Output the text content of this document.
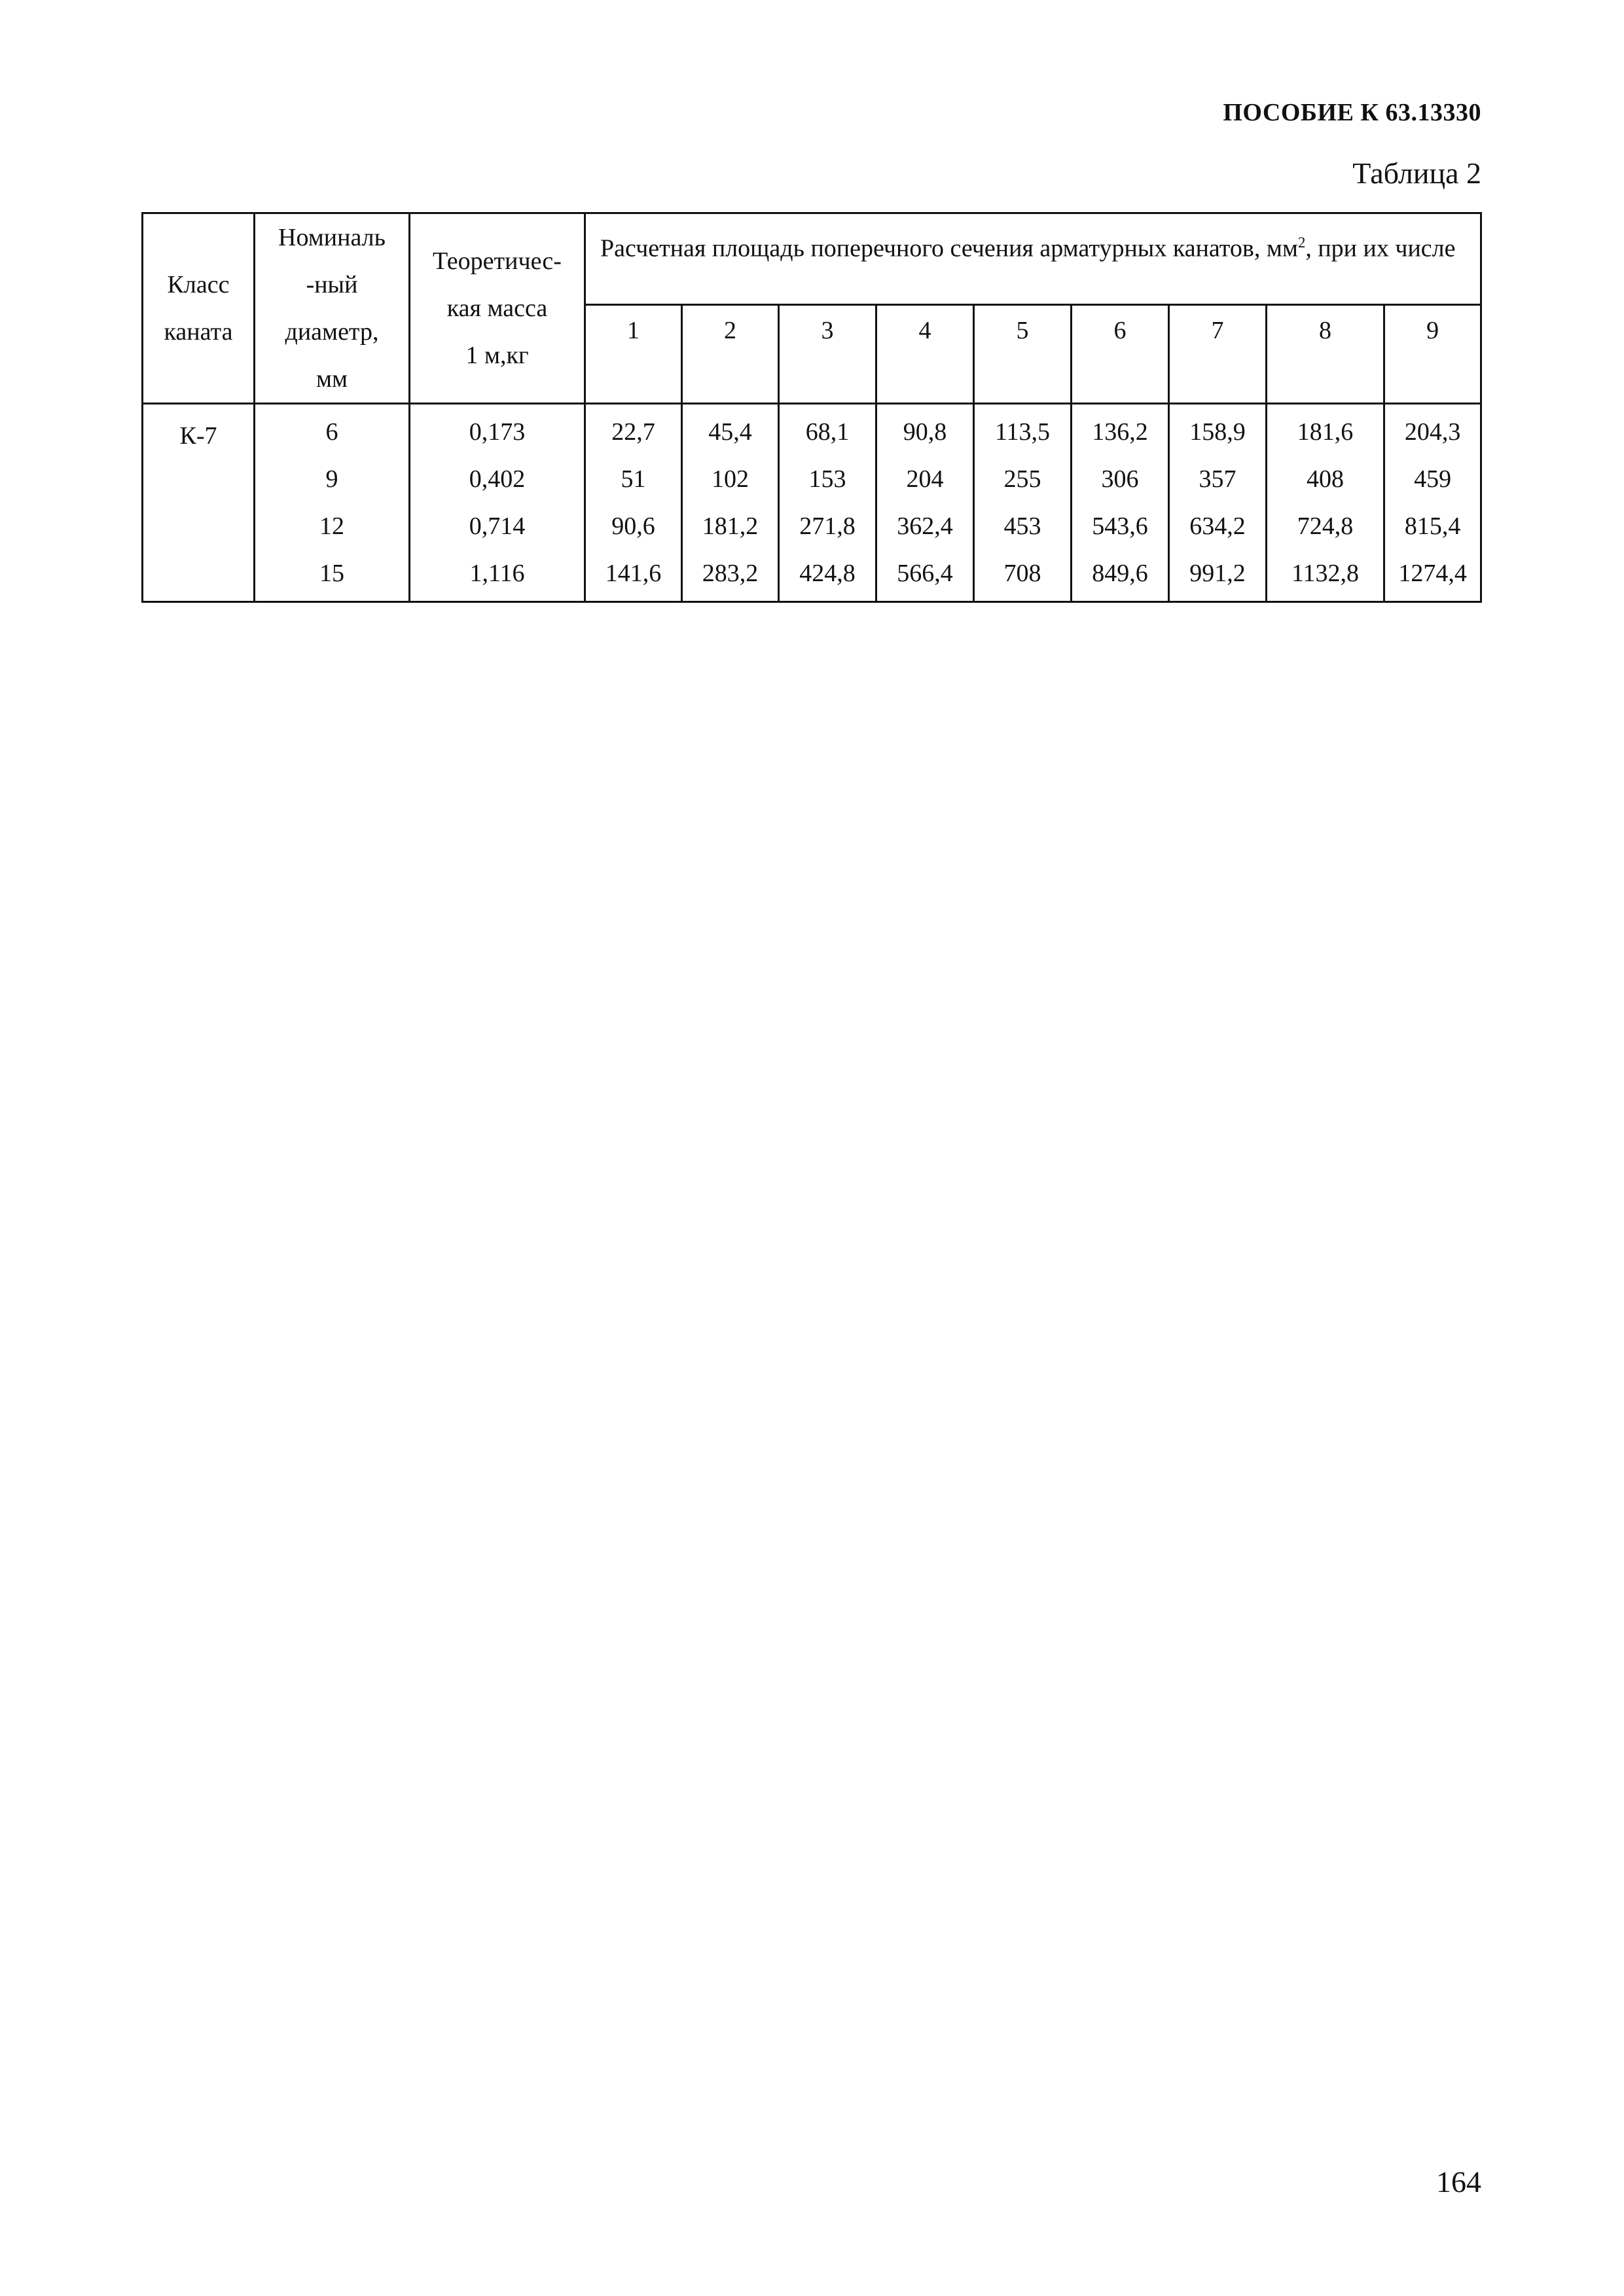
ПОСОБИЕ К 63.13330
Таблица 2
Класс
каната	Номиналь
-ный
диаметр,
мм	Теоретичес-
кая масса
1 м,кг	Расчетная площадь поперечного сечения арматурных канатов, $мм^2$, при их числе								
			1	2	3	4	5	6	7	8	9

К-7	6	0,173	22,7	45,4	68,1	90,8	113,5	136,2	158,9	181,6	204,3
	9	0,402	51	102	153	204	255	306	357	408	459
	12	0,714	90,6	181,2	271,8	362,4	453	543,6	634,2	724,8	815,4
	15	1,116	141,6	283,2	424,8	566,4	708	849,6	991,2	1132,8	1274,4
164
